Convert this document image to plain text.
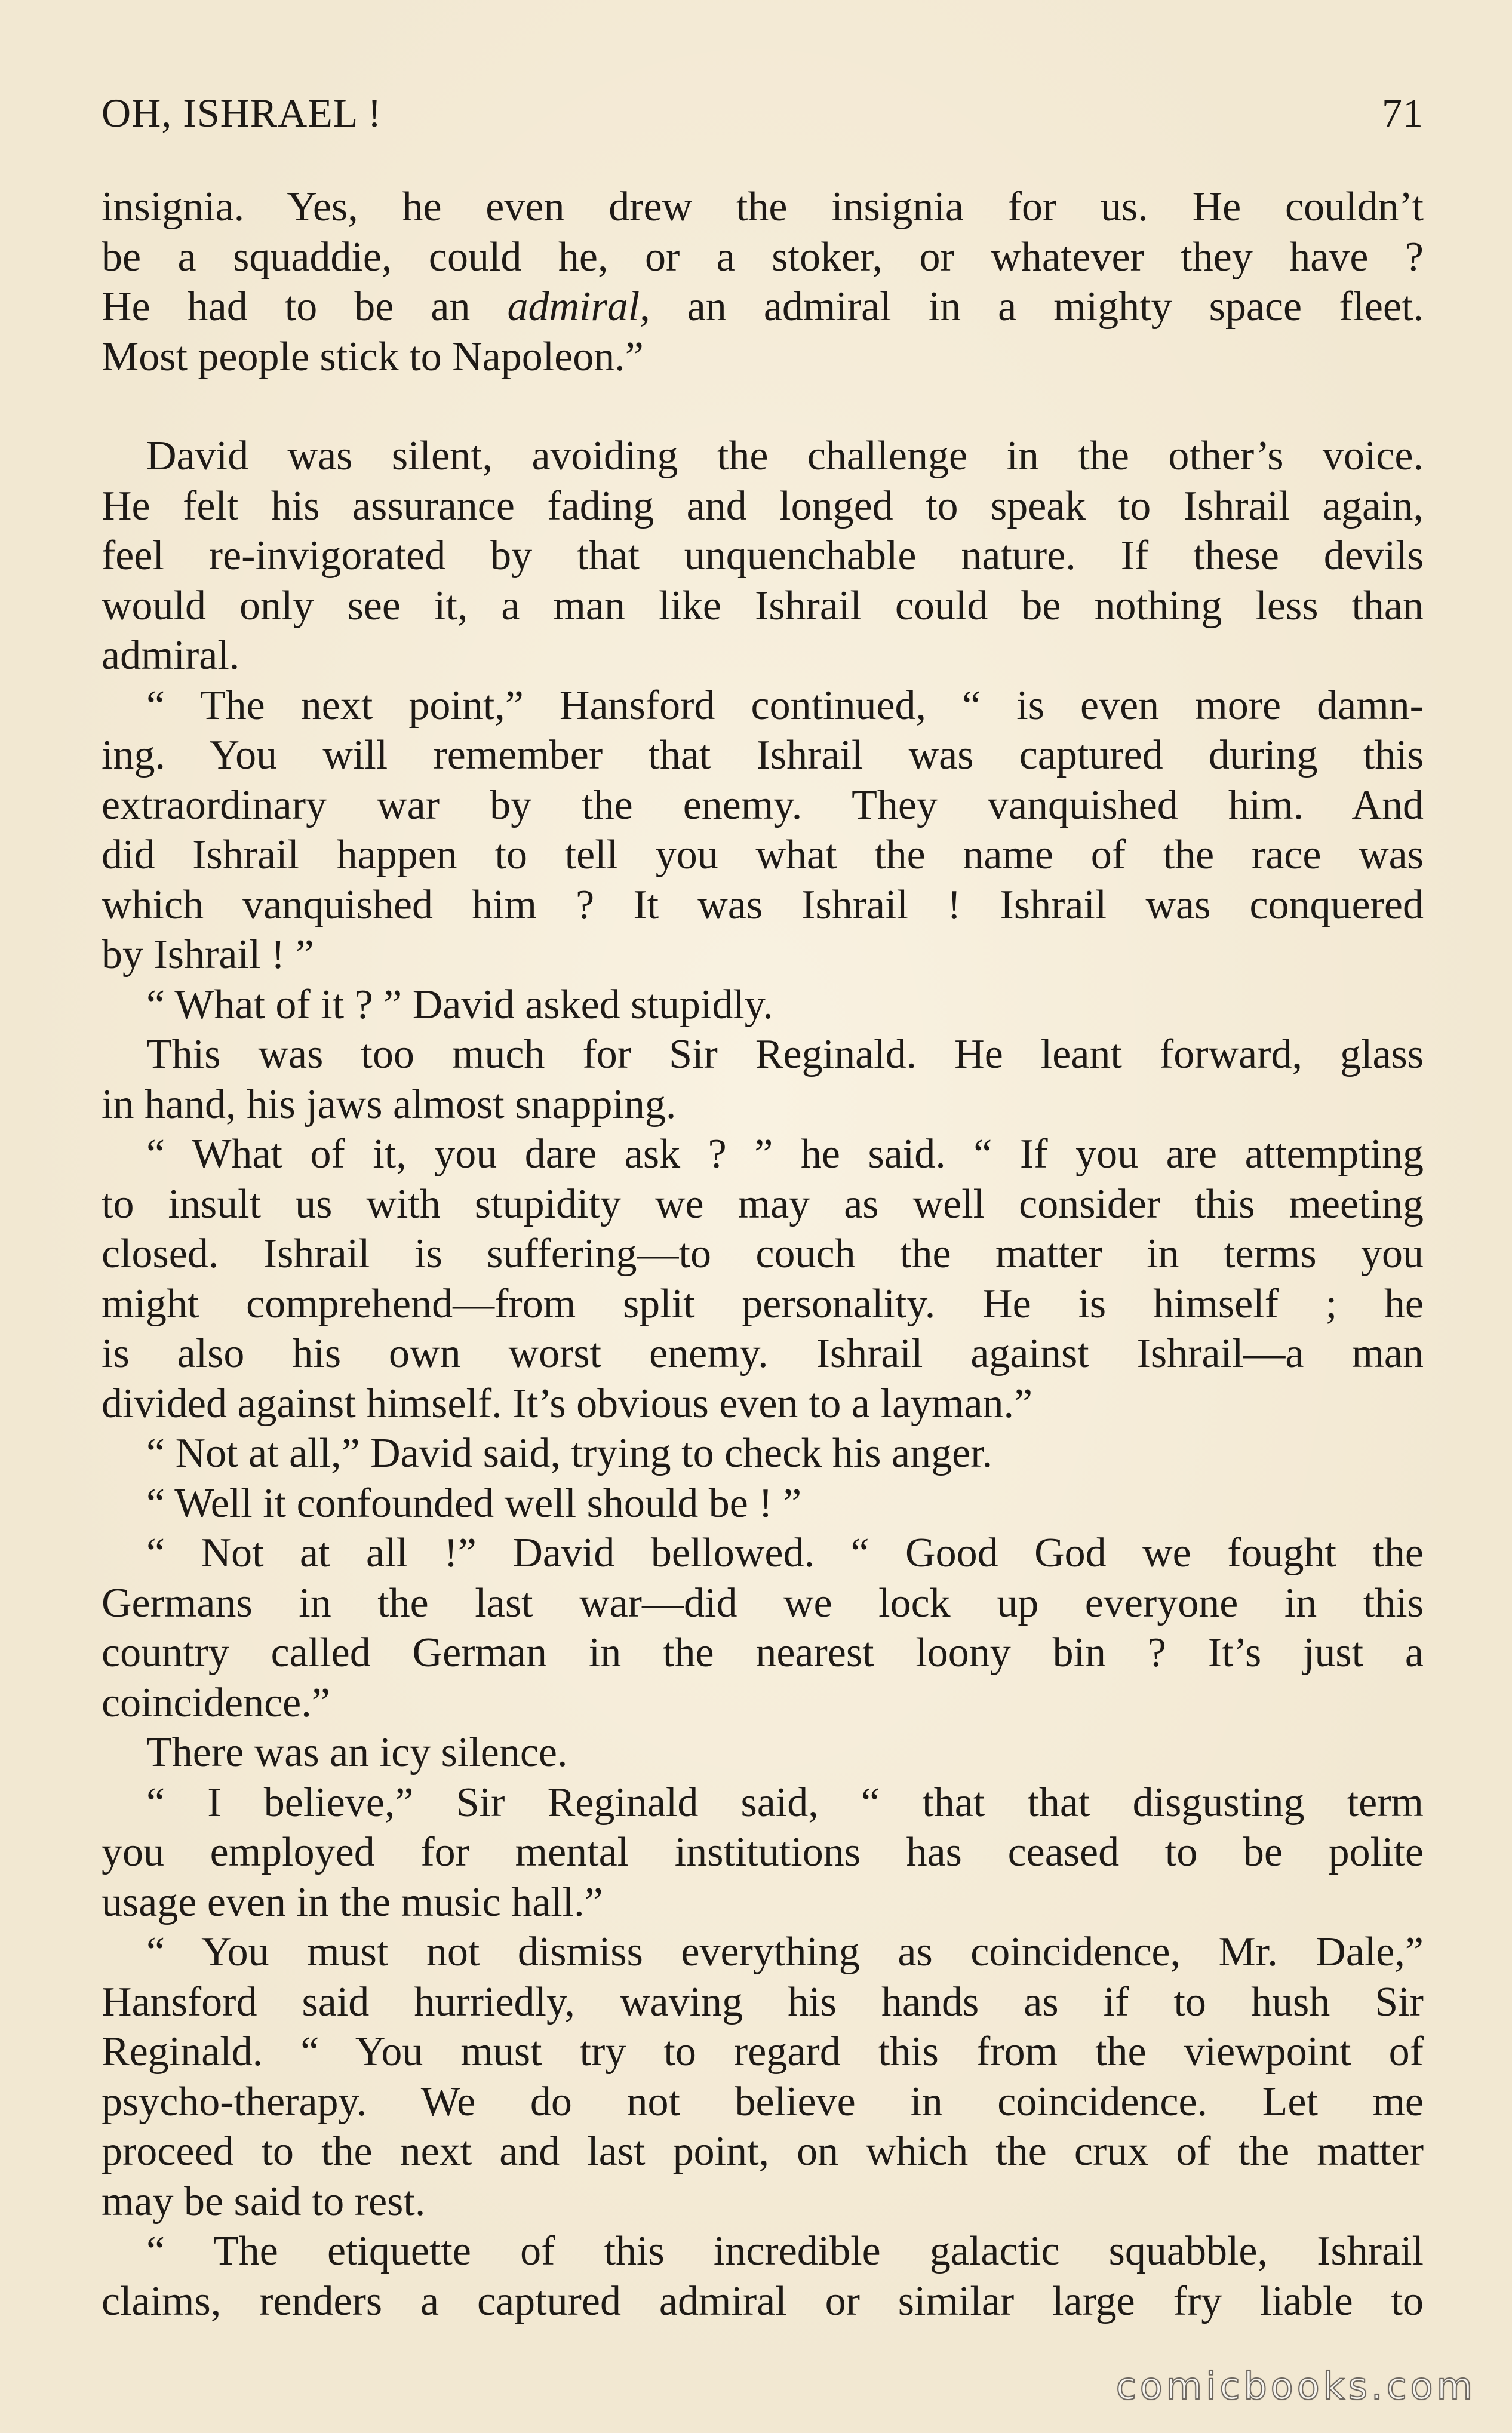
OH, ISHRAEL !	71
insignia. Yes, he even drew the insignia for us. He couldn’t
be a squaddie, could he, or a stoker, or whatever they have ?
He had to be an admiral, an admiral in a mighty space fleet.
Most people stick to Napoleon.”
David was silent, avoiding the challenge in the other’s voice.
He felt his assurance fading and longed to speak to Ishrail again,
feel re-invigorated by that unquenchable nature. If these devils
would only see it, a man like Ishrail could be nothing less than
admiral.
“ The next point,” Hansford continued, “ is even more damn-
ing. You will remember that Ishrail was captured during this
extraordinary war by the enemy. They vanquished him. And
did Ishrail happen to tell you what the name of the race was
which vanquished him ? It was Ishrail ! Ishrail was conquered
by Ishrail ! ”
“ What of it ? ” David asked stupidly.
This was too much for Sir Reginald. He leant forward, glass
in hand, his jaws almost snapping.
“ What of it, you dare ask ? ” he said. “ If you are attempting
to insult us with stupidity we may as well consider this meeting
closed. Ishrail is suffering—to couch the matter in terms you
might comprehend—from split personality. He is himself ; he
is also his own worst enemy. Ishrail against Ishrail—a man
divided against himself. It’s obvious even to a layman.”
“ Not at all,” David said, trying to check his anger.
“ Well it confounded well should be ! ”
“ Not at all !” David bellowed. “ Good God we fought the
Germans in the last war—did we lock up everyone in this
country called German in the nearest loony bin ? It’s just a
coincidence.”
There was an icy silence.
“ I believe,” Sir Reginald said, “ that that disgusting term
you employed for mental institutions has ceased to be polite
usage even in the music hall.”
“ You must not dismiss everything as coincidence, Mr. Dale,”
Hansford said hurriedly, waving his hands as if to hush Sir
Reginald. “ You must try to regard this from the viewpoint of
psycho-therapy. We do not believe in coincidence. Let me
proceed to the next and last point, on which the crux of the matter
may be said to rest.
“ The etiquette of this incredible galactic squabble, Ishrail
claims, renders a captured admiral or similar large fry liable to
comicbooks.com
